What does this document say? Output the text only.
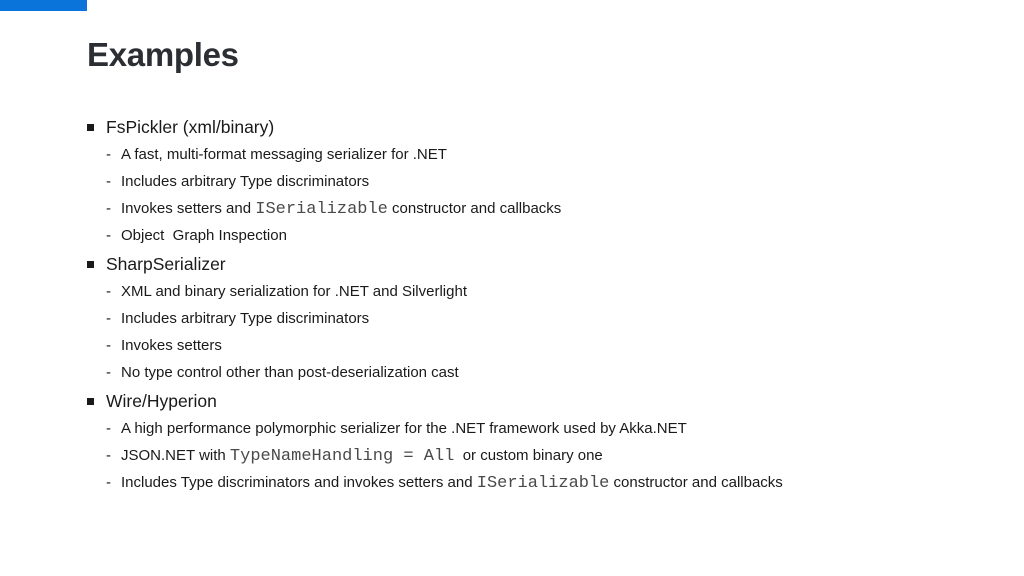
Examples
FsPickler (xml/binary)
- A fast, multi-format messaging serializer for .NET
- Includes arbitrary Type discriminators
- Invokes setters and ISerializable constructor and callbacks
- Object  Graph Inspection
SharpSerializer
- XML and binary serialization for .NET and Silverlight
- Includes arbitrary Type discriminators
- Invokes setters
- No type control other than post-deserialization cast
Wire/Hyperion
- A high performance polymorphic serializer for the .NET framework used by Akka.NET
- JSON.NET with TypeNameHandling = All  or custom binary one
- Includes Type discriminators and invokes setters and ISerializable constructor and callbacks
